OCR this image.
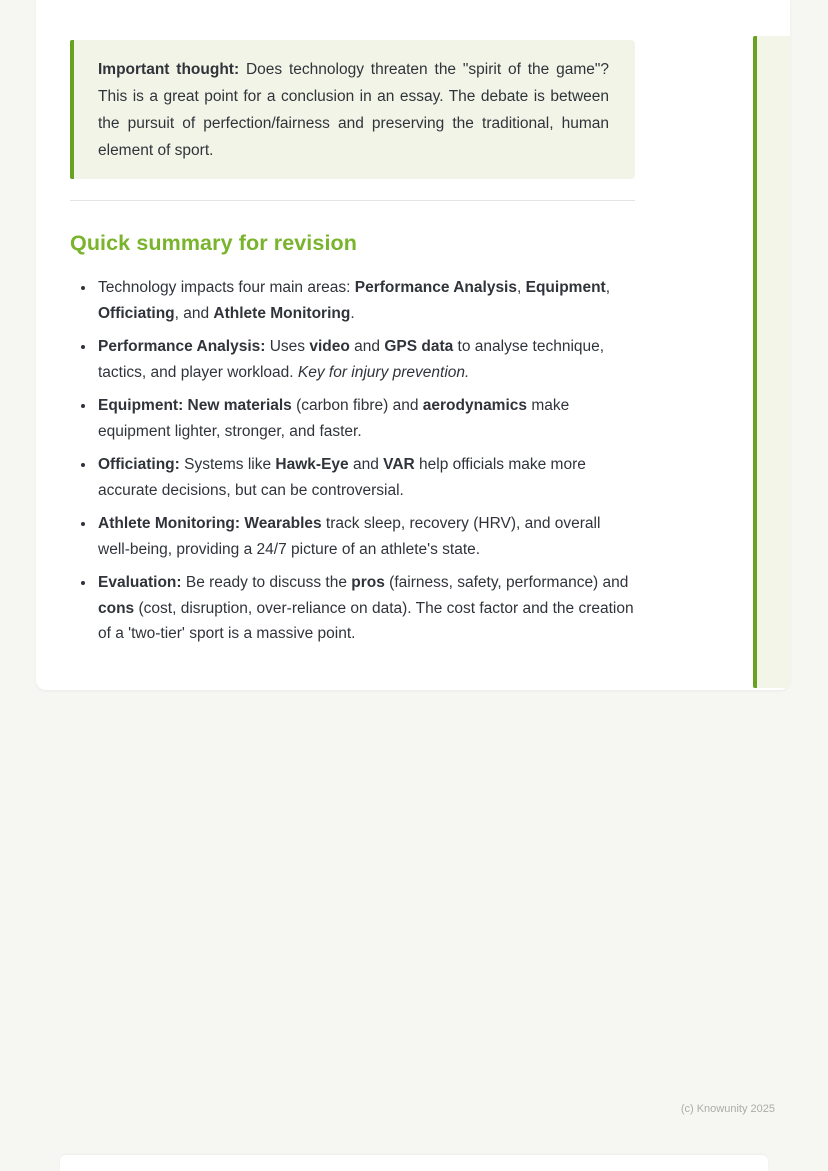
Important thought: Does technology threaten the "spirit of the game"? This is a great point for a conclusion in an essay. The debate is between the pursuit of perfection/fairness and preserving the traditional, human element of sport.

Quick summary for revision
• Technology impacts four main areas: Performance Analysis, Equipment, Officiating, and Athlete Monitoring.
• Performance Analysis: Uses video and GPS data to analyse technique, tactics, and player workload. Key for injury prevention.
• Equipment: New materials (carbon fibre) and aerodynamics make equipment lighter, stronger, and faster.
• Officiating: Systems like Hawk-Eye and VAR help officials make more accurate decisions, but can be controversial.
• Athlete Monitoring: Wearables track sleep, recovery (HRV), and overall well-being, providing a 24/7 picture of an athlete's state.
• Evaluation: Be ready to discuss the pros (fairness, safety, performance) and cons (cost, disruption, over-reliance on data). The cost factor and the creation of a 'two-tier' sport is a massive point.
(c) Knowunity 2025
